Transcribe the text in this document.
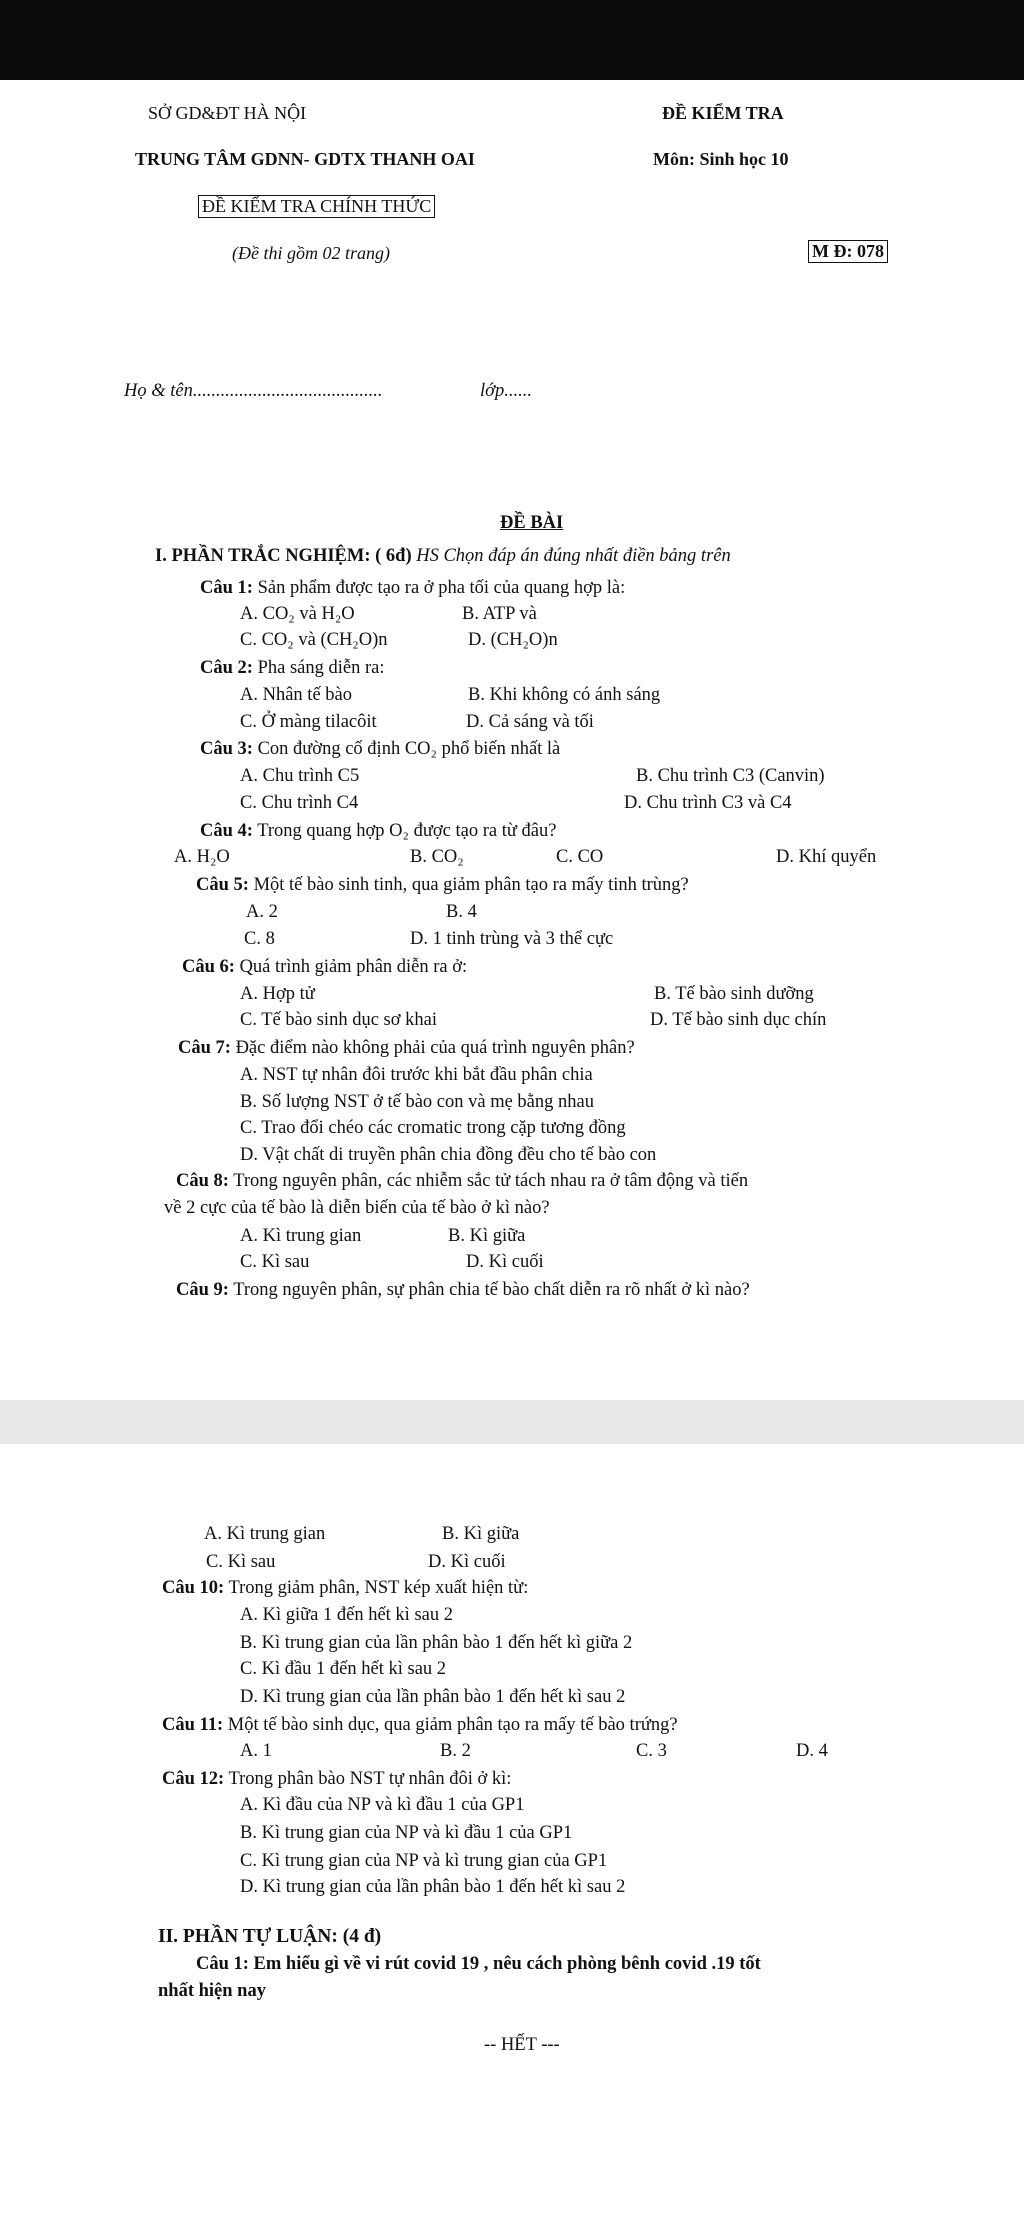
SỞ GD&ĐT HÀ NỘI	ĐỀ KIỂM TRA
TRUNG TÂM GDNN- GDTX THANH OAI	Môn: Sinh học 10
ĐỀ KIỂM TRA CHÍNH THỨC
(Đề thi gồm 02 trang)	M Đ: 078
Họ & tên.........................................	lớp......
ĐỀ BÀI
I. PHẦN TRẮC NGHIỆM: ( 6đ) HS Chọn đáp án đúng nhất điền bảng trên
Câu 1: Sản phẩm được tạo ra ở pha tối của quang hợp là:
A. CO₂ và H₂O	B. ATP và
C. CO₂ và (CH₂O)n	D. (CH₂O)n
Câu 2: Pha sáng diễn ra:
A. Nhân tế bào	B. Khi không có ánh sáng
C. Ở màng tilacôit	D. Cả sáng và tối
Câu 3: Con đường cố định CO₂ phổ biến nhất là
A. Chu trình C5	B. Chu trình C3 (Canvin)
C. Chu trình C4	D. Chu trình C3 và C4
Câu 4: Trong quang hợp O₂ được tạo ra từ đâu?
A. H₂O	B. CO₂	C. CO	D. Khí quyển
Câu 5: Một tế bào sinh tinh, qua giảm phân tạo ra mấy tinh trùng?
A. 2	B. 4
C. 8	D. 1 tinh trùng và 3 thể cực
Câu 6: Quá trình giảm phân diễn ra ở:
A. Hợp tử	B. Tế bào sinh dưỡng
C. Tế bào sinh dục sơ khai	D. Tế bào sinh dục chín
Câu 7: Đặc điểm nào không phải của quá trình nguyên phân?
A. NST tự nhân đôi trước khi bắt đầu phân chia
B. Số lượng NST ở tế bào con và mẹ bằng nhau
C. Trao đổi chéo các cromatic trong cặp tương đồng
D. Vật chất di truyền phân chia đồng đều cho tế bào con
Câu 8: Trong nguyên phân, các nhiễm sắc tử tách nhau ra ở tâm động và tiến
về 2 cực của tế bào là diễn biến của tế bào ở kì nào?
A. Kì trung gian	B. Kì giữa
C. Kì sau	D. Kì cuối
Câu 9: Trong nguyên phân, sự phân chia tế bào chất diễn ra rõ nhất ở kì nào?
A. Kì trung gian	B. Kì giữa
C. Kì sau	D. Kì cuối
Câu 10: Trong giảm phân, NST kép xuất hiện từ:
A. Kì giữa 1 đến hết kì sau 2
B. Kì trung gian của lần phân bào 1 đến hết kì giữa 2
C. Kì đầu 1 đến hết kì sau 2
D. Kì trung gian của lần phân bào 1 đến hết kì sau 2
Câu 11: Một tế bào sinh dục, qua giảm phân tạo ra mấy tế bào trứng?
A. 1	B. 2	C. 3	D. 4
Câu 12: Trong phân bào NST tự nhân đôi ở kì:
A. Kì đầu của NP và kì đầu 1 của GP1
B. Kì trung gian của NP và kì đầu 1 của GP1
C. Kì trung gian của NP và kì trung gian của GP1
D. Kì trung gian của lần phân bào 1 đến hết kì sau 2
II. PHẦN TỰ LUẬN: (4 đ)
Câu 1: Em hiểu gì về vi rút covid 19 , nêu cách phòng bênh covid .19 tốt
nhất hiện nay
-- HẾT ---
